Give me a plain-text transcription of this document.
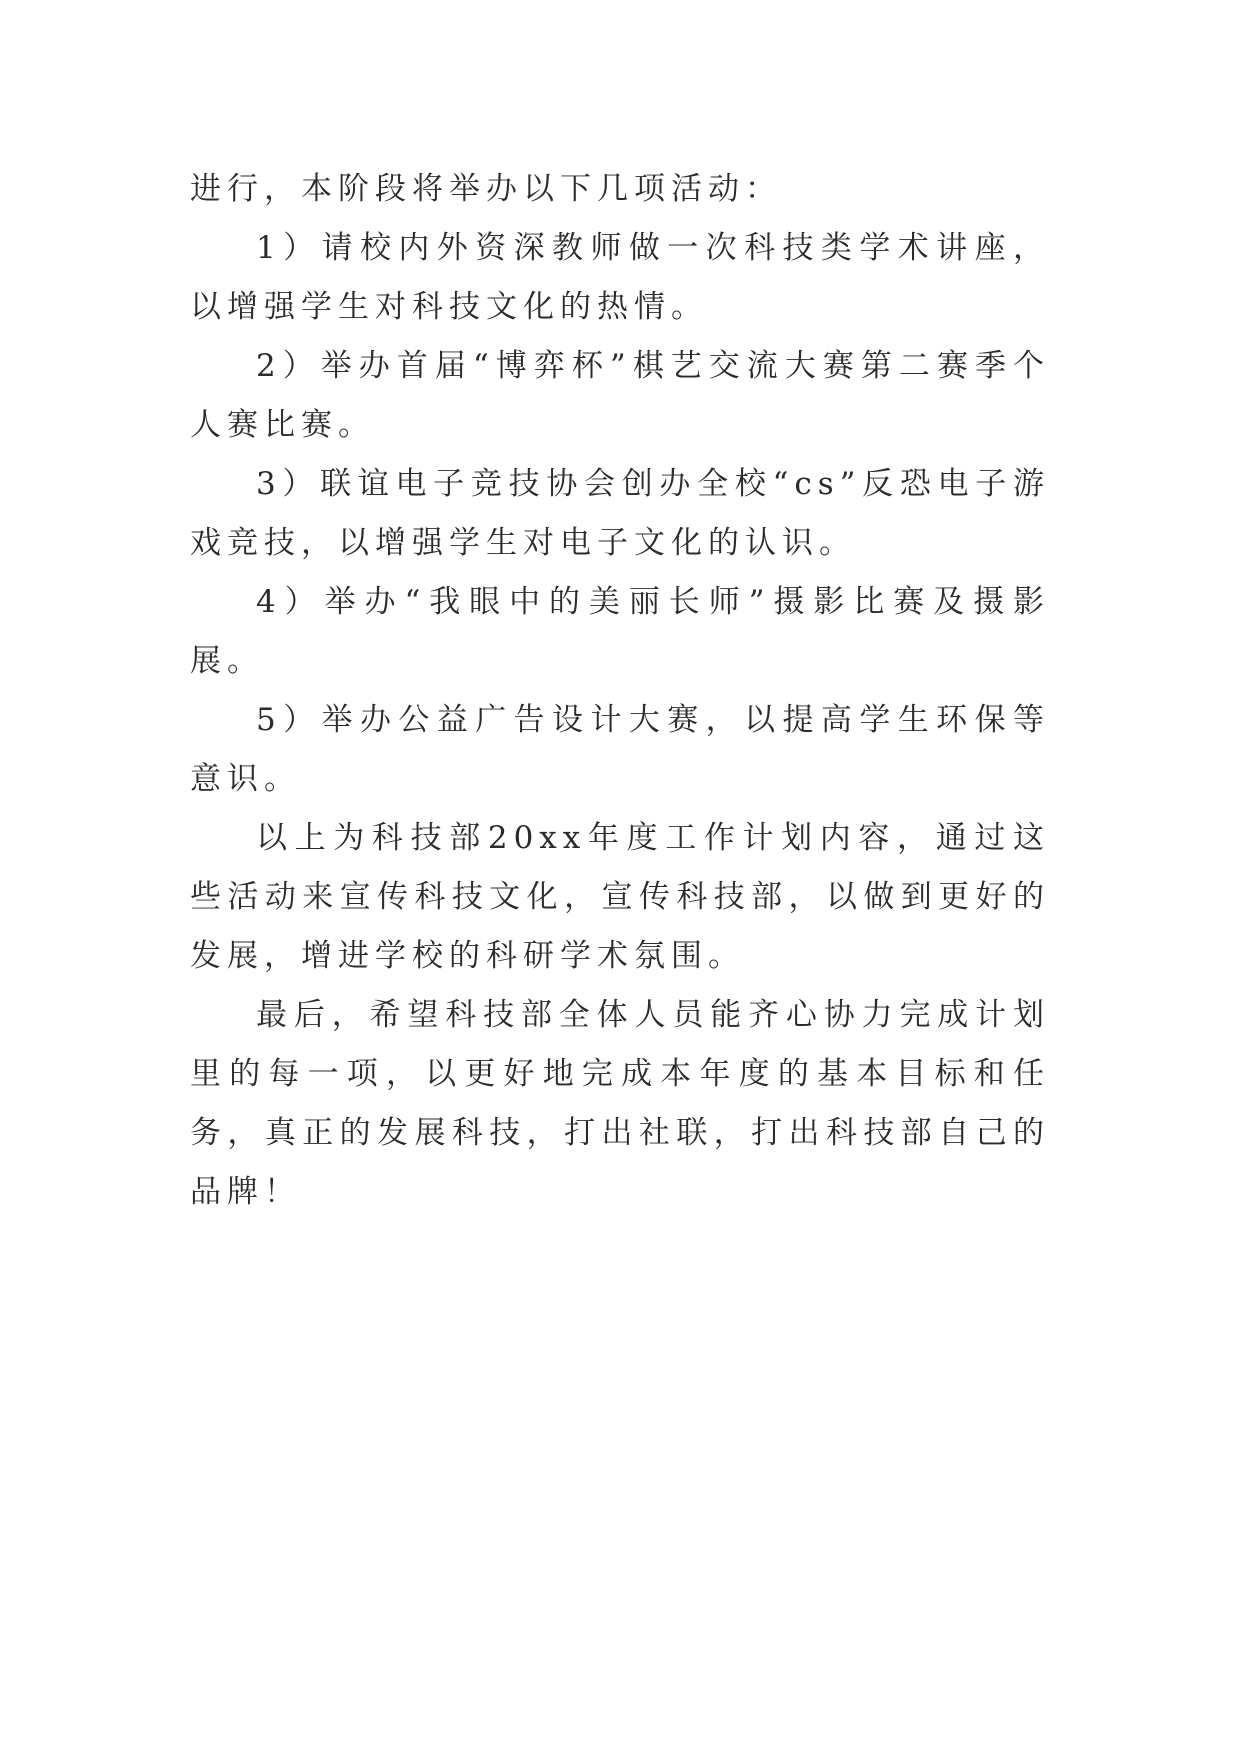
进行，本阶段将举办以下几项活动：

1）请校内外资深教师做一次科技类学术讲座，以增强学生对科技文化的热情。

2）举办首届“博弈杯”棋艺交流大赛第二赛季个人赛比赛。

3）联谊电子竞技协会创办全校“cs”反恐电子游戏竞技，以增强学生对电子文化的认识。

4）举办“我眼中的美丽长师”摄影比赛及摄影展。

5）举办公益广告设计大赛，以提高学生环保等意识。

以上为科技部20xx年度工作计划内容，通过这些活动来宣传科技文化，宣传科技部，以做到更好的发展，增进学校的科研学术氛围。

最后，希望科技部全体人员能齐心协力完成计划里的每一项，以更好地完成本年度的基本目标和任务，真正的发展科技，打出社联，打出科技部自己的品牌！
